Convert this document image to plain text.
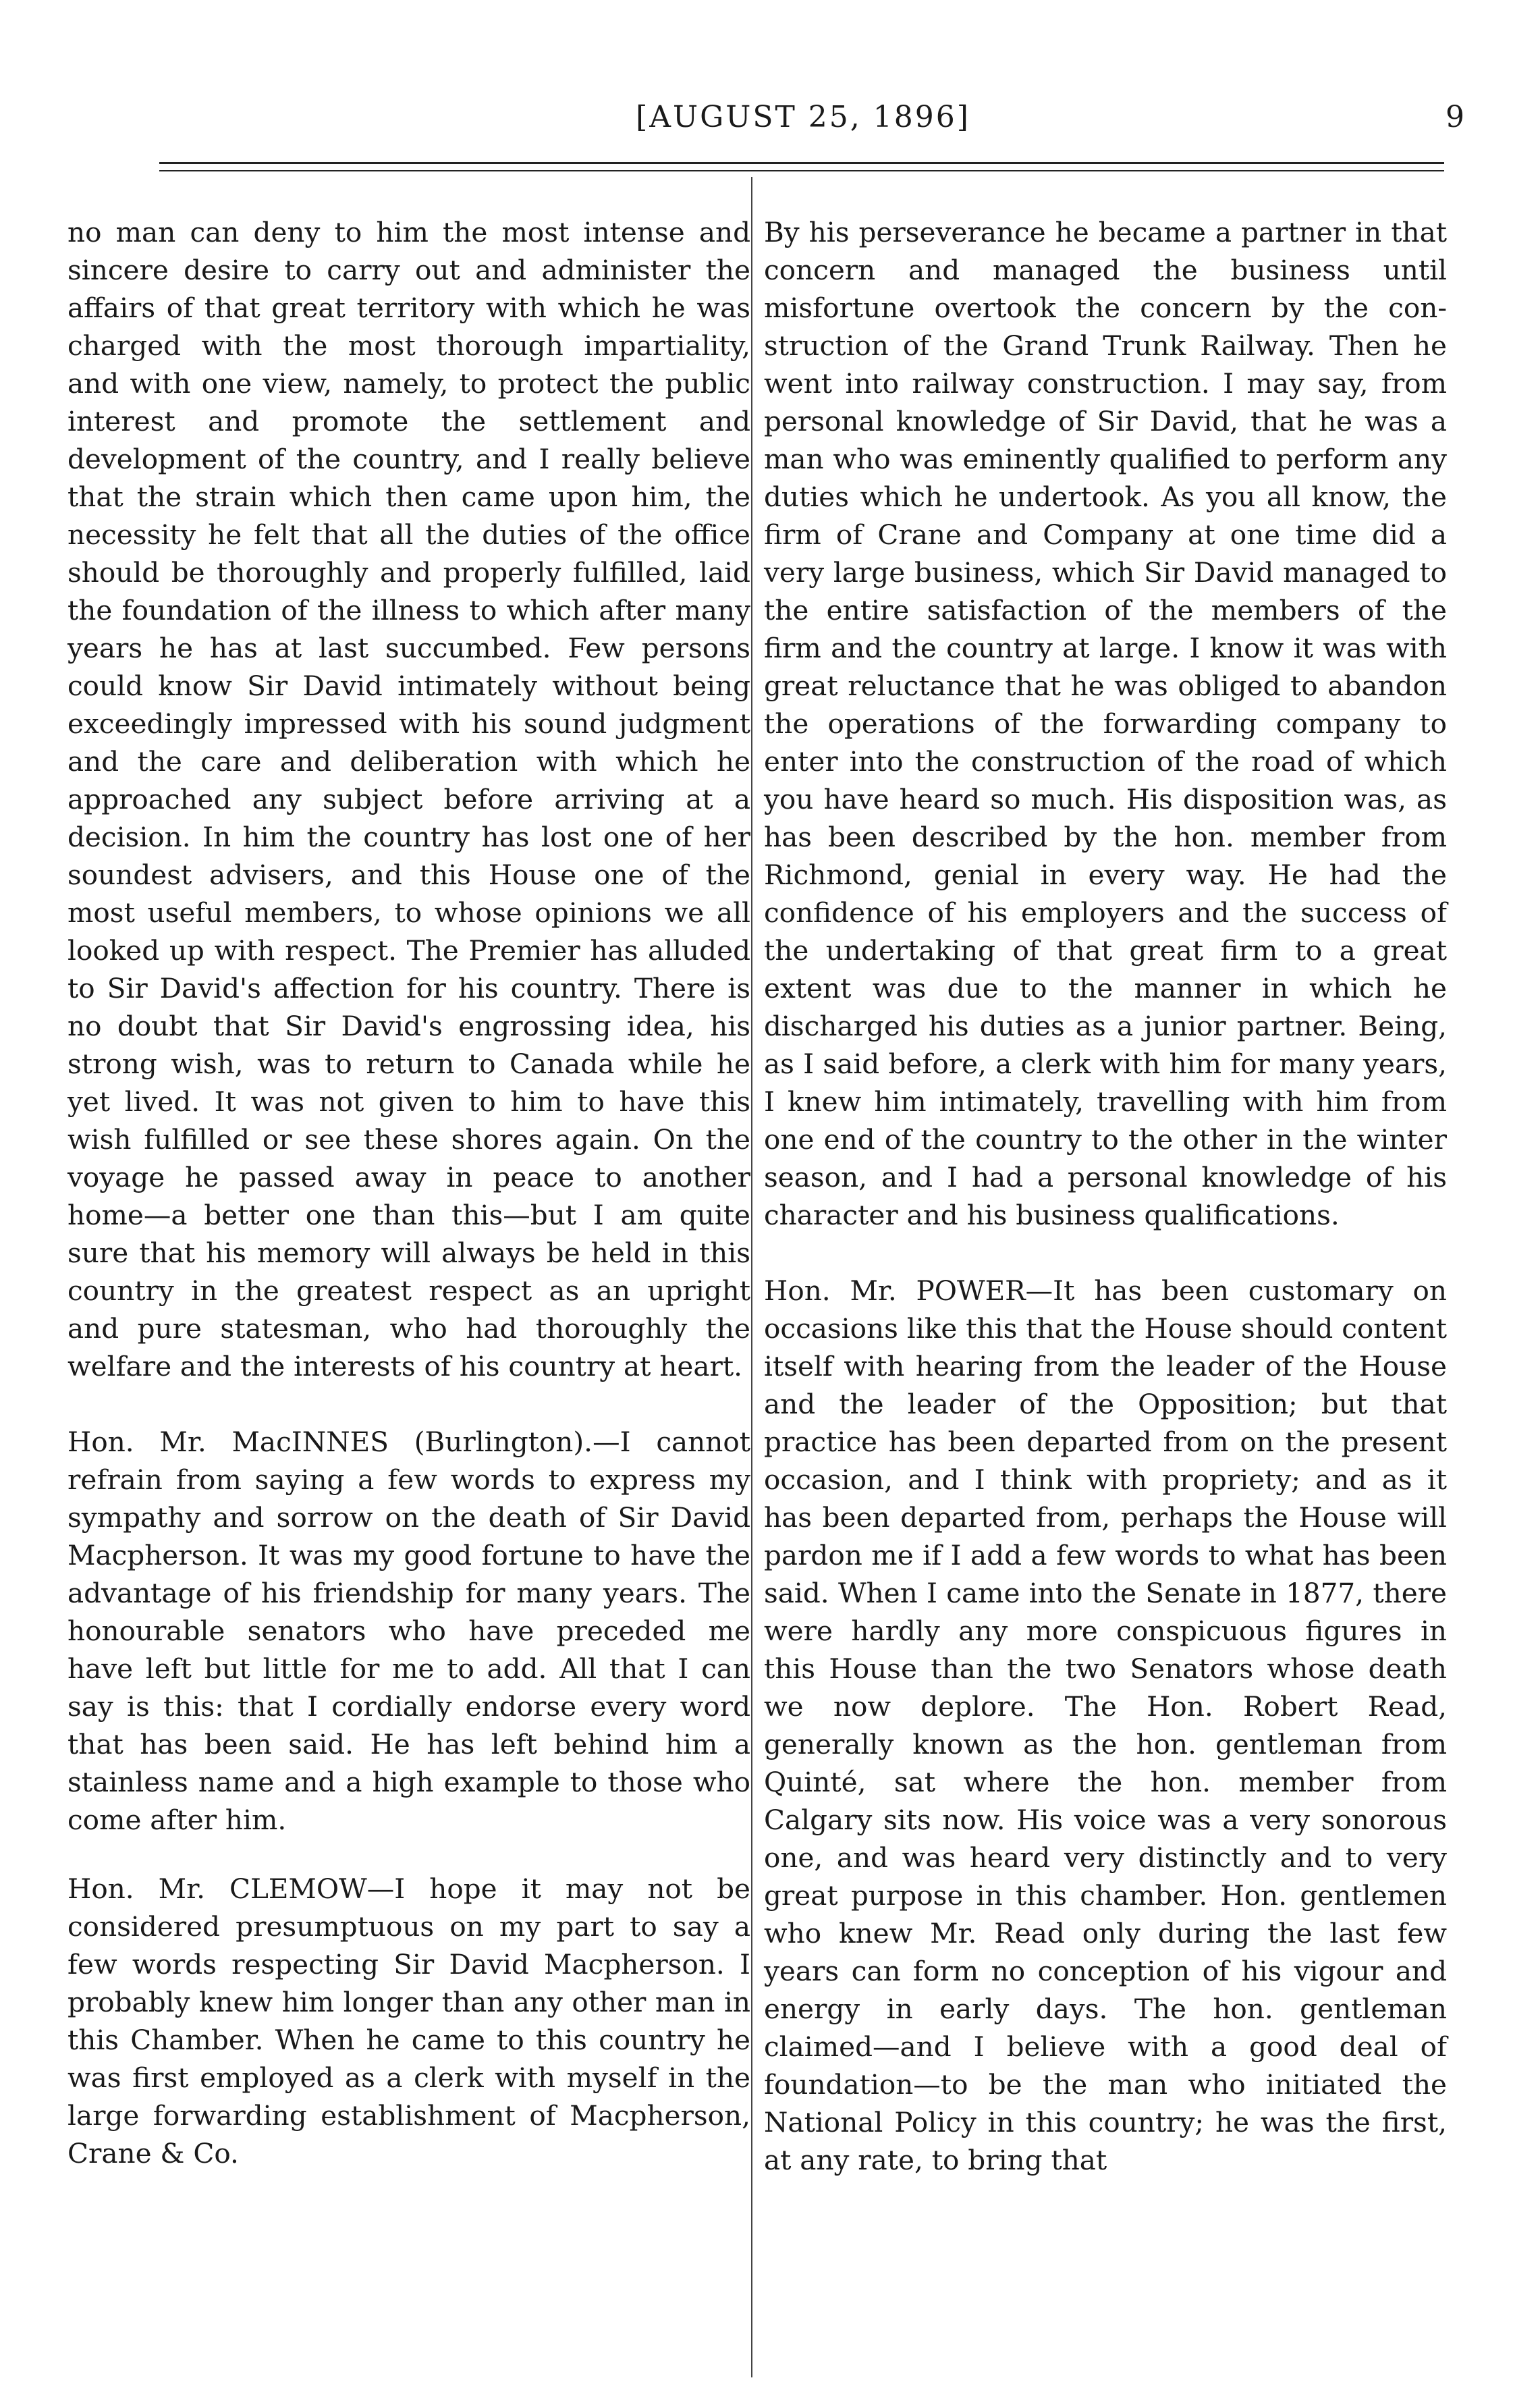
[AUGUST 25, 1896]	9

no man can deny to him the most intense and sincere desire to carry out and administer the affairs of that great territory with which he was charged with the most thorough impartiality, and with one view, namely, to protect the public interest and promote the settlement and development of the country, and I really believe that the strain which then came upon him, the necessity he felt that all the duties of the office should be thoroughly and properly fulfilled, laid the foundation of the illness to which after many years he has at last succumbed. Few persons could know Sir David intimately without being exceedingly impressed with his sound judgment and the care and deliberation with which he approached any subject before arriving at a decision. In him the country has lost one of her soundest advisers, and this House one of the most useful members, to whose opinions we all looked up with respect. The Premier has alluded to Sir David's affection for his country. There is no doubt that Sir David's engrossing idea, his strong wish, was to return to Canada while he yet lived. It was not given to him to have this wish fulfilled or see these shores again. On the voyage he passed away in peace to another home—a better one than this—but I am quite sure that his memory will always be held in this country in the greatest respect as an upright and pure statesman, who had thoroughly the welfare and the interests of his country at heart.

Hon. Mr. MacINNES (Burlington).—I cannot refrain from saying a few words to express my sympathy and sorrow on the death of Sir David Macpherson. It was my good fortune to have the advantage of his friendship for many years. The honourable senators who have preceded me have left but little for me to add. All that I can say is this: that I cordially endorse every word that has been said. He has left behind him a stainless name and a high example to those who come after him.

Hon. Mr. CLEMOW—I hope it may not be considered presumptuous on my part to say a few words respecting Sir David Macpherson. I probably knew him longer than any other man in this Chamber. When he came to this country he was first employed as a clerk with myself in the large forwarding establishment of Macpherson, Crane & Co.

By his perseverance he became a partner in that concern and managed the business until misfortune overtook the concern by the construction of the Grand Trunk Railway. Then he went into railway construction. I may say, from personal knowledge of Sir David, that he was a man who was eminently qualified to perform any duties which he undertook. As you all know, the firm of Crane and Company at one time did a very large business, which Sir David managed to the entire satisfaction of the members of the firm and the country at large. I know it was with great reluctance that he was obliged to abandon the operations of the forwarding company to enter into the construction of the road of which you have heard so much. His disposition was, as has been described by the hon. member from Richmond, genial in every way. He had the confidence of his employers and the success of the undertaking of that great firm to a great extent was due to the manner in which he discharged his duties as a junior partner. Being, as I said before, a clerk with him for many years, I knew him intimately, travelling with him from one end of the country to the other in the winter season, and I had a personal knowledge of his character and his business qualifications.

Hon. Mr. POWER—It has been customary on occasions like this that the House should content itself with hearing from the leader of the House and the leader of the Opposition; but that practice has been departed from on the present occasion, and I think with propriety; and as it has been departed from, perhaps the House will pardon me if I add a few words to what has been said. When I came into the Senate in 1877, there were hardly any more conspicuous figures in this House than the two Senators whose death we now deplore. The Hon. Robert Read, generally known as the hon. gentleman from Quinté, sat where the hon. member from Calgary sits now. His voice was a very sonorous one, and was heard very distinctly and to very great purpose in this chamber. Hon. gentlemen who knew Mr. Read only during the last few years can form no conception of his vigour and energy in early days. The hon. gentleman claimed—and I believe with a good deal of foundation—to be the man who initiated the National Policy in this country; he was the first, at any rate, to bring that
